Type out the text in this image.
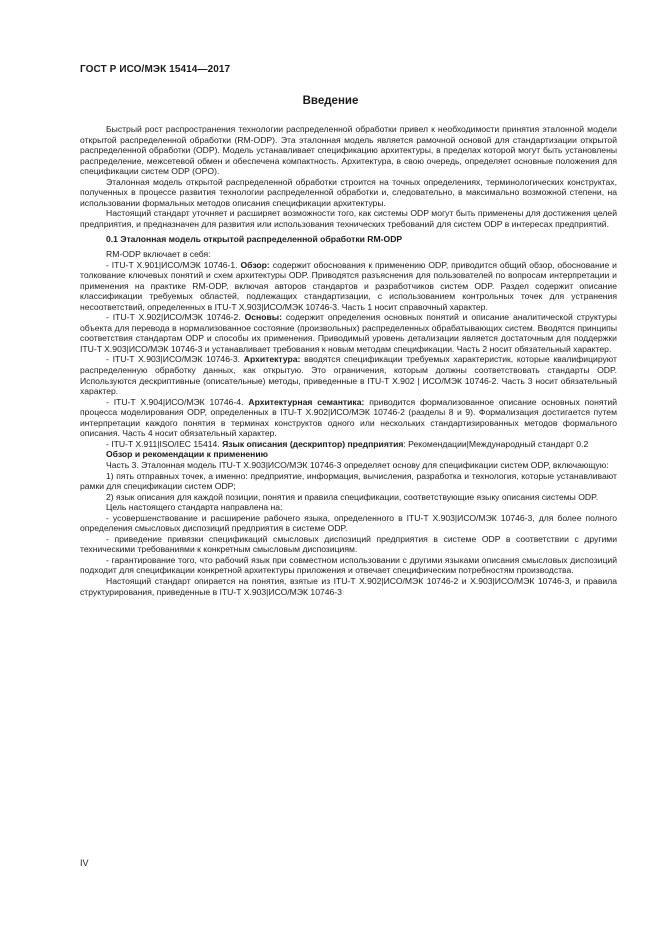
ГОСТ Р ИСО/МЭК 15414—2017
Введение

Быстрый рост распространения технологии распределенной обработки привел к необходимости принятия эталонной модели открытой распределенной обработки (RM-ODP). Эта эталонная модель является рамочной основой для стандартизации открытой распределенной обработки (ODP). Модель устанавливает спецификацию архитектуры, в пределах которой могут быть установлены распределение, межсетевой обмен и обеспечена компактность. Архитектура, в свою очередь, определяет основные положения для спецификации систем ODP (OPO).

Эталонная модель открытой распределенной обработки строится на точных определениях, терминологических конструктах, полученных в процессе развития технологии распределенной обработки и, следовательно, в максимально возможной степени, на использовании формальных методов описания спецификации архитектуры.

Настоящий стандарт уточняет и расширяет возможности того, как системы ODP могут быть применены для достижения целей предприятия, и предназначен для развития или использования технических требований для систем ODP в интересах предприятий.

0.1 Эталонная модель открытой распределенной обработки RM-ODP

RM-ODP включает в себя:

- ITU-T X.901|ИСО/МЭК 10746-1. Обзор: содержит обоснования к применению ODP, приводится общий обзор, обоснование и толкование ключевых понятий и схем архитектуры ODP. Приводятся разъяснения для пользователей по вопросам интерпретации и применения на практике RM-ODP, включая авторов стандартов и разработчиков систем ODP. Раздел содержит описание классификации требуемых областей, подлежащих стандартизации, с использованием контрольных точек для устранения несоответствий, определенных в ITU-T X.903|ИСО/МЭК 10746-3. Часть 1 носит справочный характер.

- ITU-T X.902|ИСО/МЭК 10746-2. Основы: содержит определения основных понятий и описание аналитической структуры объекта для перевода в нормализованное состояние (произвольных) распределенных обрабатывающих систем. Вводятся принципы соответствия стандартам ODP и способы их применения. Приводимый уровень детализации является достаточным для поддержки ITU-T X.903|ИСО/МЭК 10746-3 и устанавливает требования к новым методам спецификации. Часть 2 носит обязательный характер.

- ITU-T X.903|ИСО/МЭК 10746-3. Архитектура: вводятся спецификации требуемых характеристик, которые квалифицируют распределенную обработку данных, как открытую. Это ограничения, которым должны соответствовать стандарты ODP. Используются дескриптивные (описательные) методы, приведенные в ITU-T X.902 | ИСО/МЭК 10746-2. Часть 3 носит обязательный характер.

- ITU-T X.904|ИСО/МЭК 10746-4. Архитектурная семантика: приводится формализованное описание основных понятий процесса моделирования ODP, определенных в ITU-T X.902|ИСО/МЭК 10746-2 (разделы 8 и 9). Формализация достигается путем интерпретации каждого понятия в терминах конструктов одного или нескольких стандартизированных методов формального описания. Часть 4 носит обязательный характер.

- ITU-T X.911|ISO/IEC 15414. Язык описания (дескриптор) предприятия: Рекомендации|Международный стандарт 0.2

Обзор и рекомендации к применению

Часть 3. Эталонная модель ITU-T X.903|ИСО/МЭК 10746-3 определяет основу для спецификации систем ODP, включающую:

1) пять отправных точек, а именно: предприятие, информация, вычисления, разработка и технология, которые устанавливают рамки для спецификации систем ODP;

2) язык описания для каждой позиции, понятия и правила спецификации, соответствующие языку описания системы ODP.

Цель настоящего стандарта направлена на:

- усовершенствование и расширение рабочего языка, определенного в ITU-T X.903|ИСО/МЭК 10746-3, для более полного определения смысловых диспозиций предприятия в системе ODP.

- приведение привязки спецификаций смысловых диспозиций предприятия в системе ODP в соответствии с другими техническими требованиями к конкретным смысловым диспозициям.

- гарантирование того, что рабочий язык при совместном использовании с другими языками описания смысловых диспозиций подходит для спецификации конкретной архитектуры приложения и отвечает специфическим потребностям производства.

Настоящий стандарт опирается на понятия, взятые из ITU-T X.902|ИСО/МЭК 10746-2 и X.903|ИСО/МЭК 10746-3, и правила структурирования, приведенные в ITU-T X.903|ИСО/МЭК 10746-3

IV
